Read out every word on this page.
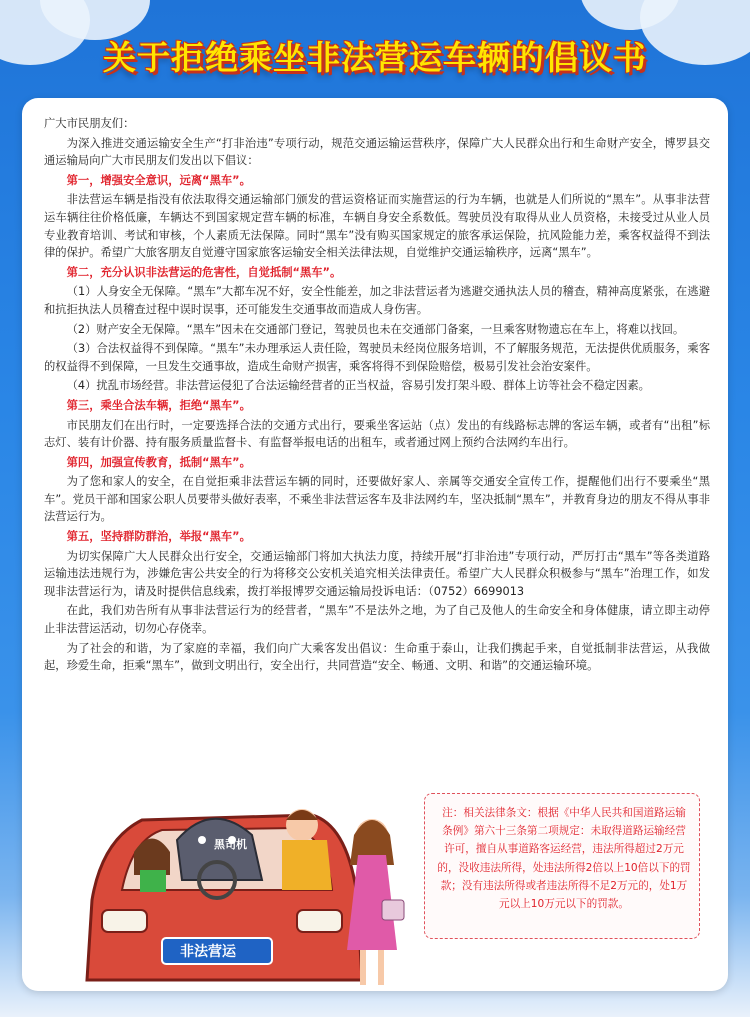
关于拒绝乘坐非法营运车辆的倡议书

广大市民朋友们：

为深入推进交通运输安全生产“打非治违”专项行动，规范交通运输运营秩序，保障广大人民群众出行和生命财产安全，博罗县交通运输局向广大市民朋友们发出以下倡议：

第一，增强安全意识，远离“黑车”。

非法营运车辆是指没有依法取得交通运输部门颁发的营运资格证而实施营运的行为车辆，也就是人们所说的“黑车”。从事非法营运车辆往往价格低廉，车辆达不到国家规定营车辆的标准，车辆自身安全系数低。驾驶员没有取得从业人员资格，未接受过从业人员专业教育培训、考试和审核，个人素质无法保障。同时“黑车”没有购买国家规定的旅客承运保险，抗风险能力差，乘客权益得不到法律的保护。希望广大旅客朋友自觉遵守国家旅客运输安全相关法律法规，自觉维护交通运输秩序，远离“黑车”。

第二，充分认识非法营运的危害性，自觉抵制“黑车”。

（1）人身安全无保障。“黑车”大都车况不好，安全性能差，加之非法营运者为逃避交通执法人员的稽查，精神高度紧张，在逃避和抗拒执法人员稽查过程中误时误事，还可能发生交通事故而造成人身伤害。

（2）财产安全无保障。“黑车”因未在交通部门登记，驾驶员也未在交通部门备案，一旦乘客财物遗忘在车上，将难以找回。

（3）合法权益得不到保障。“黑车”未办理承运人责任险，驾驶员未经岗位服务培训，不了解服务规范，无法提供优质服务，乘客的权益得不到保障，一旦发生交通事故，造成生命财产损害，乘客将得不到保险赔偿，极易引发社会治安案件。

（4）扰乱市场经营。非法营运侵犯了合法运输经营者的正当权益，容易引发打架斗殴、群体上访等社会不稳定因素。

第三，乘坐合法车辆，拒绝“黑车”。

市民朋友们在出行时，一定要选择合法的交通方式出行，要乘坐客运站（点）发出的有线路标志牌的客运车辆，或者有“出租”标志灯、装有计价器、持有服务质量监督卡、有监督举报电话的出租车，或者通过网上预约合法网约车出行。

第四，加强宣传教育，抵制“黑车”。

为了您和家人的安全，在自觉拒乘非法营运车辆的同时，还要做好家人、亲属等交通安全宣传工作，提醒他们出行不要乘坐“黑车”。党员干部和国家公职人员要带头做好表率，不乘坐非法营运客车及非法网约车，坚决抵制“黑车”，并教育身边的朋友不得从事非法营运行为。

第五，坚持群防群治，举报“黑车”。

为切实保障广大人民群众出行安全，交通运输部门将加大执法力度，持续开展“打非治违”专项行动，严厉打击“黑车”等各类道路运输违法违规行为，涉嫌危害公共安全的行为将移交公安机关追究相关法律责任。希望广大人民群众积极参与“黑车”治理工作，如发现非法营运行为，请及时提供信息线索，拨打举报博罗交通运输局投诉电话：（0752）6699013

在此，我们劝告所有从事非法营运行为的经营者，“黑车”不是法外之地，为了自己及他人的生命安全和身体健康，请立即主动停止非法营运活动，切勿心存侥幸。

为了社会的和谐，为了家庭的幸福，我们向广大乘客发出倡议：生命重于泰山，让我们携起手来，自觉抵制非法营运，从我做起，珍爱生命，拒乘“黑车”，做到文明出行，安全出行，共同营造“安全、畅通、文明、和谐”的交通运输环境。

黑司机
非法营运
注：相关法律条文：根据《中华人民共和国道路运输条例》第六十三条第二项规定：未取得道路运输经营许可，擅自从事道路客运经营，违法所得超过2万元的，没收违法所得，处违法所得2倍以上10倍以下的罚款；没有违法所得或者违法所得不足2万元的，处1万元以上10万元以下的罚款。
